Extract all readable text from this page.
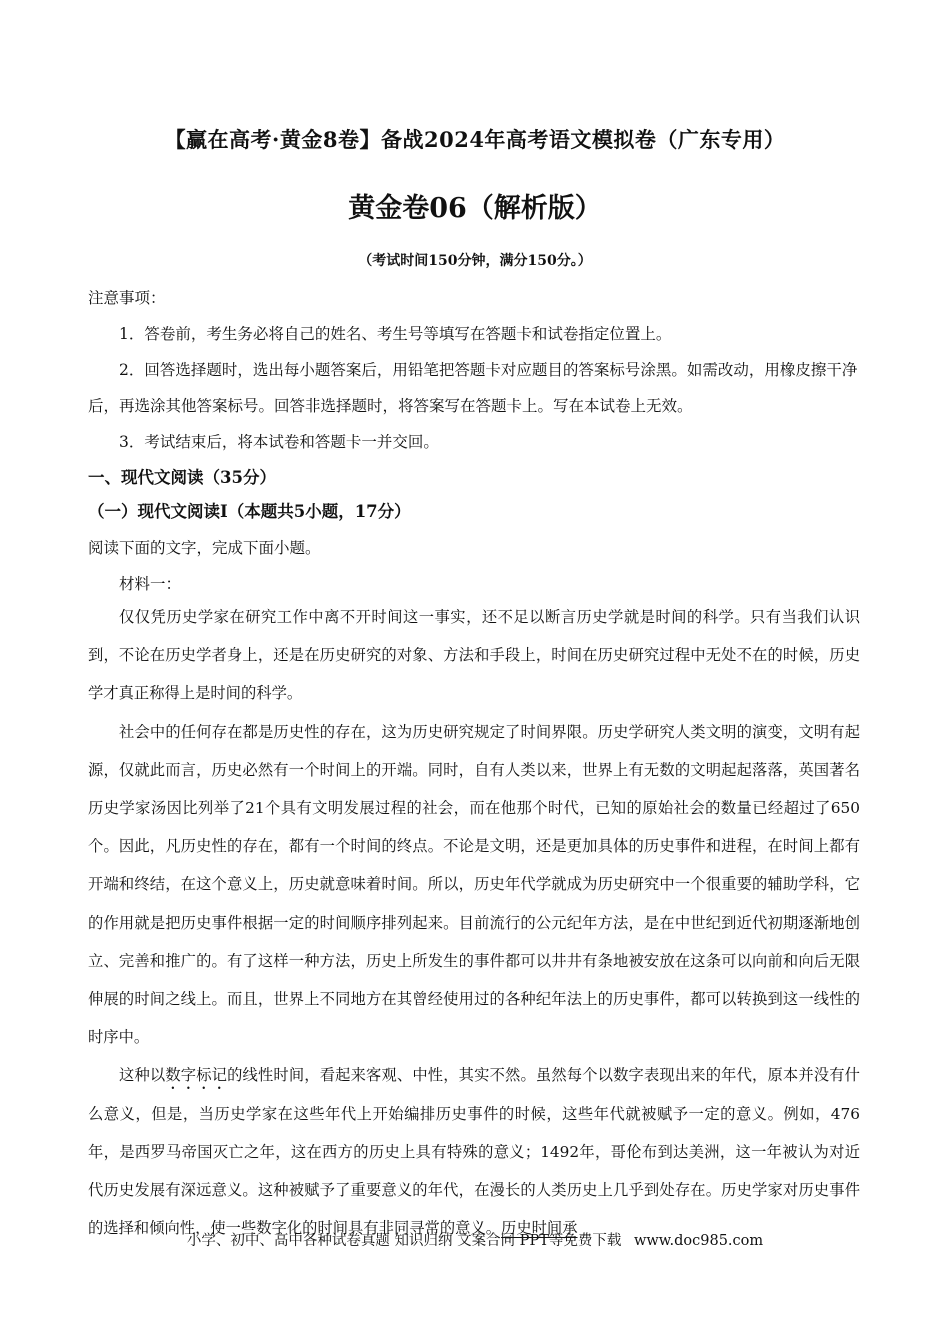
【赢在高考·黄金8卷】备战2024年高考语文模拟卷（广东专用）
黄金卷06（解析版）
（考试时间150分钟，满分150分。）
注意事项：

1．答卷前，考生务必将自己的姓名、考生号等填写在答题卡和试卷指定位置上。

2．回答选择题时，选出每小题答案后，用铅笔把答题卡对应题目的答案标号涂黑。如需改动，用橡皮擦干净后，再选涂其他答案标号。回答非选择题时，将答案写在答题卡上。写在本试卷上无效。

3．考试结束后，将本试卷和答题卡一并交回。

一、现代文阅读（35分）
（一）现代文阅读Ⅰ（本题共5小题，17分）
阅读下面的文字，完成下面小题。
材料一：

仅仅凭历史学家在研究工作中离不开时间这一事实，还不足以断言历史学就是时间的科学。只有当我们认识到，不论在历史学者身上，还是在历史研究的对象、方法和手段上，时间在历史研究过程中无处不在的时候，历史学才真正称得上是时间的科学。

社会中的任何存在都是历史性的存在，这为历史研究规定了时间界限。历史学研究人类文明的演变，文明有起源，仅就此而言，历史必然有一个时间上的开端。同时，自有人类以来，世界上有无数的文明起起落落，英国著名历史学家汤因比列举了21个具有文明发展过程的社会，而在他那个时代，已知的原始社会的数量已经超过了650个。因此，凡历史性的存在，都有一个时间的终点。不论是文明，还是更加具体的历史事件和进程，在时间上都有开端和终结，在这个意义上，历史就意味着时间。所以，历史年代学就成为历史研究中一个很重要的辅助学科，它的作用就是把历史事件根据一定的时间顺序排列起来。目前流行的公元纪年方法，是在中世纪到近代初期逐渐地创立、完善和推广的。有了这样一种方法，历史上所发生的事件都可以井井有条地被安放在这条可以向前和向后无限伸展的时间之线上。而且，世界上不同地方在其曾经使用过的各种纪年法上的历史事件，都可以转换到这一线性的时序中。

这种以数字标记的线性时间，看起来客观、中性，其实不然。虽然每个以数字表现出来的年代，原本并没有什么意义，但是，当历史学家在这些年代上开始编排历史事件的时候，这些年代就被赋予一定的意义。例如，476年，是西罗马帝国灭亡之年，这在西方的历史上具有特殊的意义；1492年，哥伦布到达美洲，这一年被认为对近代历史发展有深远意义。这种被赋予了重要意义的年代，在漫长的人类历史上几乎到处存在。历史学家对历史事件的选择和倾向性，使一些数字化的时间具有非同寻常的意义。历史时间承

小学、初中、高中各种试卷真题 知识归纳 文案合同 PPT等免费下载 www.doc985.com
